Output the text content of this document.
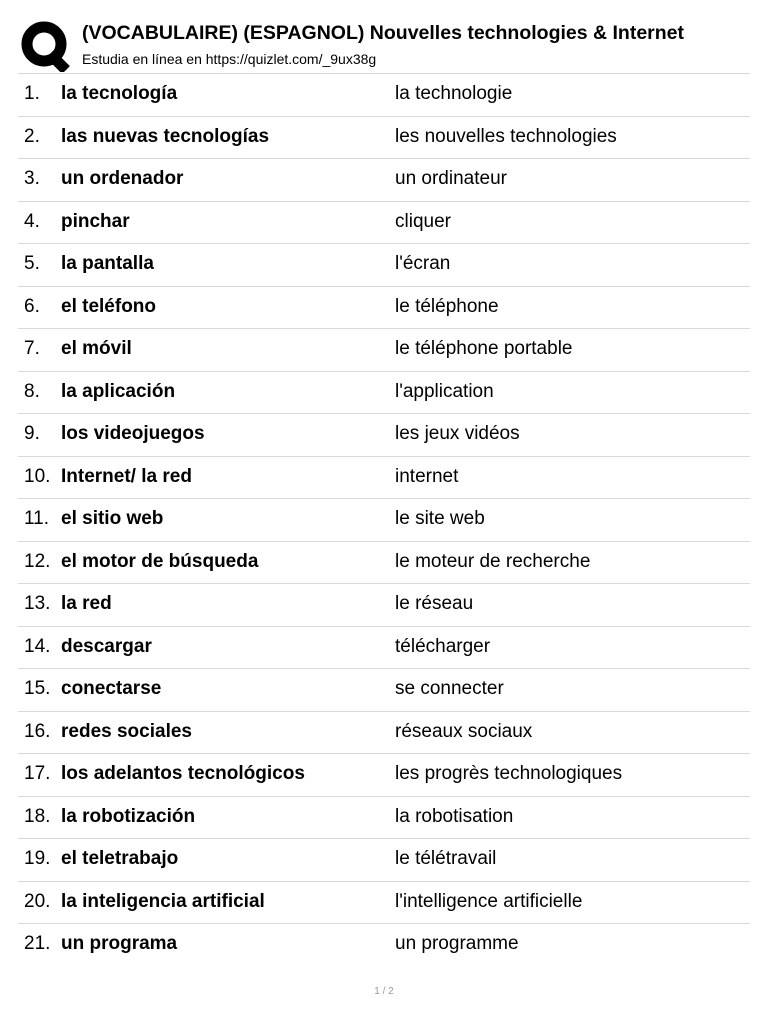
(VOCABULAIRE) (ESPAGNOL) Nouvelles technologies & Internet
Estudia en línea en https://quizlet.com/_9ux38g
1. la tecnología	la technologie
2. las nuevas tecnologías	les nouvelles technologies
3. un ordenador	un ordinateur
4. pinchar	cliquer
5. la pantalla	l'écran
6. el teléfono	le téléphone
7. el móvil	le téléphone portable
8. la aplicación	l'application
9. los videojuegos	les jeux vidéos
10. Internet/ la red	internet
11. el sitio web	le site web
12. el motor de búsqueda	le moteur de recherche
13. la red	le réseau
14. descargar	télécharger
15. conectarse	se connecter
16. redes sociales	réseaux sociaux
17. los adelantos tecnológicos	les progrès technologiques
18. la robotización	la robotisation
19. el teletrabajo	le télétravail
20. la inteligencia artificial	l'intelligence artificielle
21. un programa	un programme
1 / 2
